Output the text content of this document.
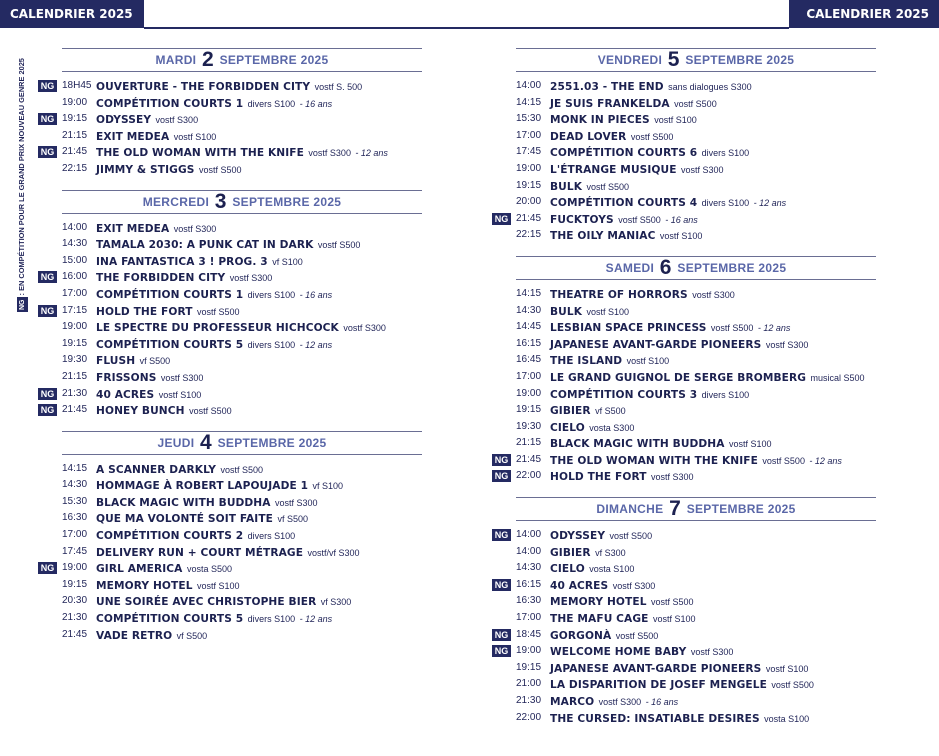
CALENDRIER 2025	CALENDRIER 2025
NG : EN COMPÉTITION POUR LE GRAND PRIX NOUVEAU GENRE 2025	MARDI 2 SEPTEMBRE 2025
NG 18H45 OUVERTURE - THE FORBIDDEN CITY vostf S. 500
19:00 COMPÉTITION COURTS 1 divers S100 - 16 ans
NG 19:15 ODYSSEY vostf S300
21:15 EXIT MEDEA vostf S100
NG 21:45 THE OLD WOMAN WITH THE KNIFE vostf S300 - 12 ans
22:15 JIMMY & STIGGS vostf S500
MERCREDI 3 SEPTEMBRE 2025
14:00 EXIT MEDEA vostf S300
14:30 TAMALA 2030: A PUNK CAT IN DARK vostf S500
15:00 INA FANTASTICA 3 ! PROG. 3 vf S100
NG 16:00 THE FORBIDDEN CITY vostf S300
17:00 COMPÉTITION COURTS 1 divers S100 - 16 ans
NG 17:15 HOLD THE FORT vostf S500
19:00 LE SPECTRE DU PROFESSEUR HICHCOCK vostf S300
19:15 COMPÉTITION COURTS 5 divers S100 - 12 ans
19:30 FLUSH vf S500
21:15 FRISSONS vostf S300
NG 21:30 40 ACRES vostf S100
NG 21:45 HONEY BUNCH vostf S500
JEUDI 4 SEPTEMBRE 2025
14:15 A SCANNER DARKLY vostf S500
14:30 HOMMAGE À ROBERT LAPOUJADE 1 vf S100
15:30 BLACK MAGIC WITH BUDDHA vostf S300
16:30 QUE MA VOLONTÉ SOIT FAITE vf S500
17:00 COMPÉTITION COURTS 2 divers S100
17:45 DELIVERY RUN + COURT MÉTRAGE vostf/vf S300
NG 19:00 GIRL AMERICA vosta S500
19:15 MEMORY HOTEL vostf S100
20:30 UNE SOIRÉE AVEC CHRISTOPHE BIER vf S300
21:30 COMPÉTITION COURTS 5 divers S100 - 12 ans
21:45 VADE RETRO vf S500
VENDREDI 5 SEPTEMBRE 2025
14:00 2551.03 - THE END sans dialogues S300
14:15 JE SUIS FRANKELDA vostf S500
15:30 MONK IN PIECES vostf S100
17:00 DEAD LOVER vostf S500
17:45 COMPÉTITION COURTS 6 divers S100
19:00 L'ÉTRANGE MUSIQUE vostf S300
19:15 BULK vostf S500
20:00 COMPÉTITION COURTS 4 divers S100 - 12 ans
NG 21:45 FUCKTOYS vostf S500 - 16 ans
22:15 THE OILY MANIAC vostf S100
SAMEDI 6 SEPTEMBRE 2025
14:15 THEATRE OF HORRORS vostf S300
14:30 BULK vostf S100
14:45 LESBIAN SPACE PRINCESS vostf S500 - 12 ans
16:15 JAPANESE AVANT-GARDE PIONEERS vostf S300
16:45 THE ISLAND vostf S100
17:00 LE GRAND GUIGNOL DE SERGE BROMBERG musical S500
19:00 COMPÉTITION COURTS 3 divers S100
19:15 GIBIER vf S500
19:30 CIELO vosta S300
21:15 BLACK MAGIC WITH BUDDHA vostf S100
NG 21:45 THE OLD WOMAN WITH THE KNIFE vostf S500 - 12 ans
NG 22:00 HOLD THE FORT vostf S300
DIMANCHE 7 SEPTEMBRE 2025
NG 14:00 ODYSSEY vostf S500
14:00 GIBIER vf S300
14:30 CIELO vosta S100
NG 16:15 40 ACRES vostf S300
16:30 MEMORY HOTEL vostf S500
17:00 THE MAFU CAGE vostf S100
NG 18:45 GORGONÀ vostf S500
NG 19:00 WELCOME HOME BABY vostf S300
19:15 JAPANESE AVANT-GARDE PIONEERS vostf S100
21:00 LA DISPARITION DE JOSEF MENGELE vostf S500
21:30 MARCO vostf S300 - 16 ans
22:00 THE CURSED: INSATIABLE DESIRES vosta S100
